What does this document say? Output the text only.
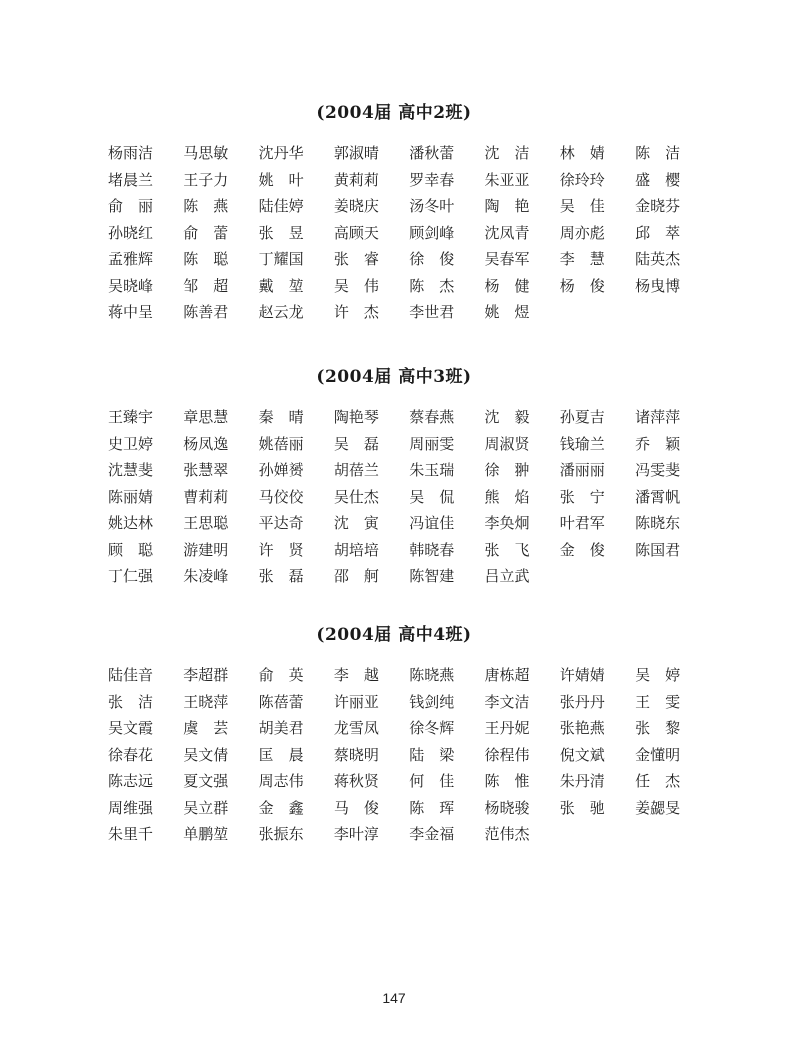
(2004届 高中2班)
杨雨洁 马思敏 沈丹华 郭淑晴 潘秋蕾 沈　洁 林　婧 陈　洁
堵晨兰 王子力 姚　叶 黄莉莉 罗幸春 朱亚亚 徐玲玲 盛　樱
俞　丽 陈　燕 陆佳婷 姜晓庆 汤冬叶 陶　艳 吴　佳 金晓芬
孙晓红 俞　蕾 张　昱 高顾天 顾剑峰 沈凤青 周亦彪 邱　萃
孟雅辉 陈　聪 丁耀国 张　睿 徐　俊 吴春军 李　慧 陆英杰
吴晓峰 邹　超 戴　堃 吴　伟 陈　杰 杨　健 杨　俊 杨曳博
蒋中呈 陈善君 赵云龙 许　杰 李世君 姚　煜
(2004届 高中3班)
王臻宇 章思慧 秦　晴 陶艳琴 蔡春燕 沈　毅 孙夏吉 诸萍萍
史卫婷 杨凤逸 姚蓓丽 吴　磊 周丽雯 周淑贤 钱瑜兰 乔　颖
沈慧斐 张慧翠 孙婵赟 胡蓓兰 朱玉瑞 徐　翀 潘丽丽 冯雯斐
陈丽婧 曹莉莉 马佼佼 吴仕杰 吴　侃 熊　焰 张　宁 潘霄帆
姚达林 王思聪 平达奇 沈　寅 冯谊佳 李奂炯 叶君军 陈晓东
顾　聪 游建明 许　贤 胡培培 韩晓春 张　飞 金　俊 陈国君
丁仁强 朱凌峰 张　磊 邵　舸 陈智建 吕立武
(2004届 高中4班)
陆佳音 李超群 俞　英 李　越 陈晓燕 唐栋超 许婧婧 吴　婷
张　洁 王晓萍 陈蓓蕾 许丽亚 钱剑纯 李文洁 张丹丹 王　雯
吴文霞 虞　芸 胡美君 龙雪凤 徐冬辉 王丹妮 张艳燕 张　黎
徐春花 吴文倩 匡　晨 蔡晓明 陆　梁 徐程伟 倪文斌 金懂明
陈志远 夏文强 周志伟 蒋秋贤 何　佳 陈　惟 朱丹清 任　杰
周维强 吴立群 金　鑫 马　俊 陈　珲 杨晓骏 张　驰 姜勰旻
朱里千 单鹏堃 张振东 李叶淳 李金福 范伟杰
147
